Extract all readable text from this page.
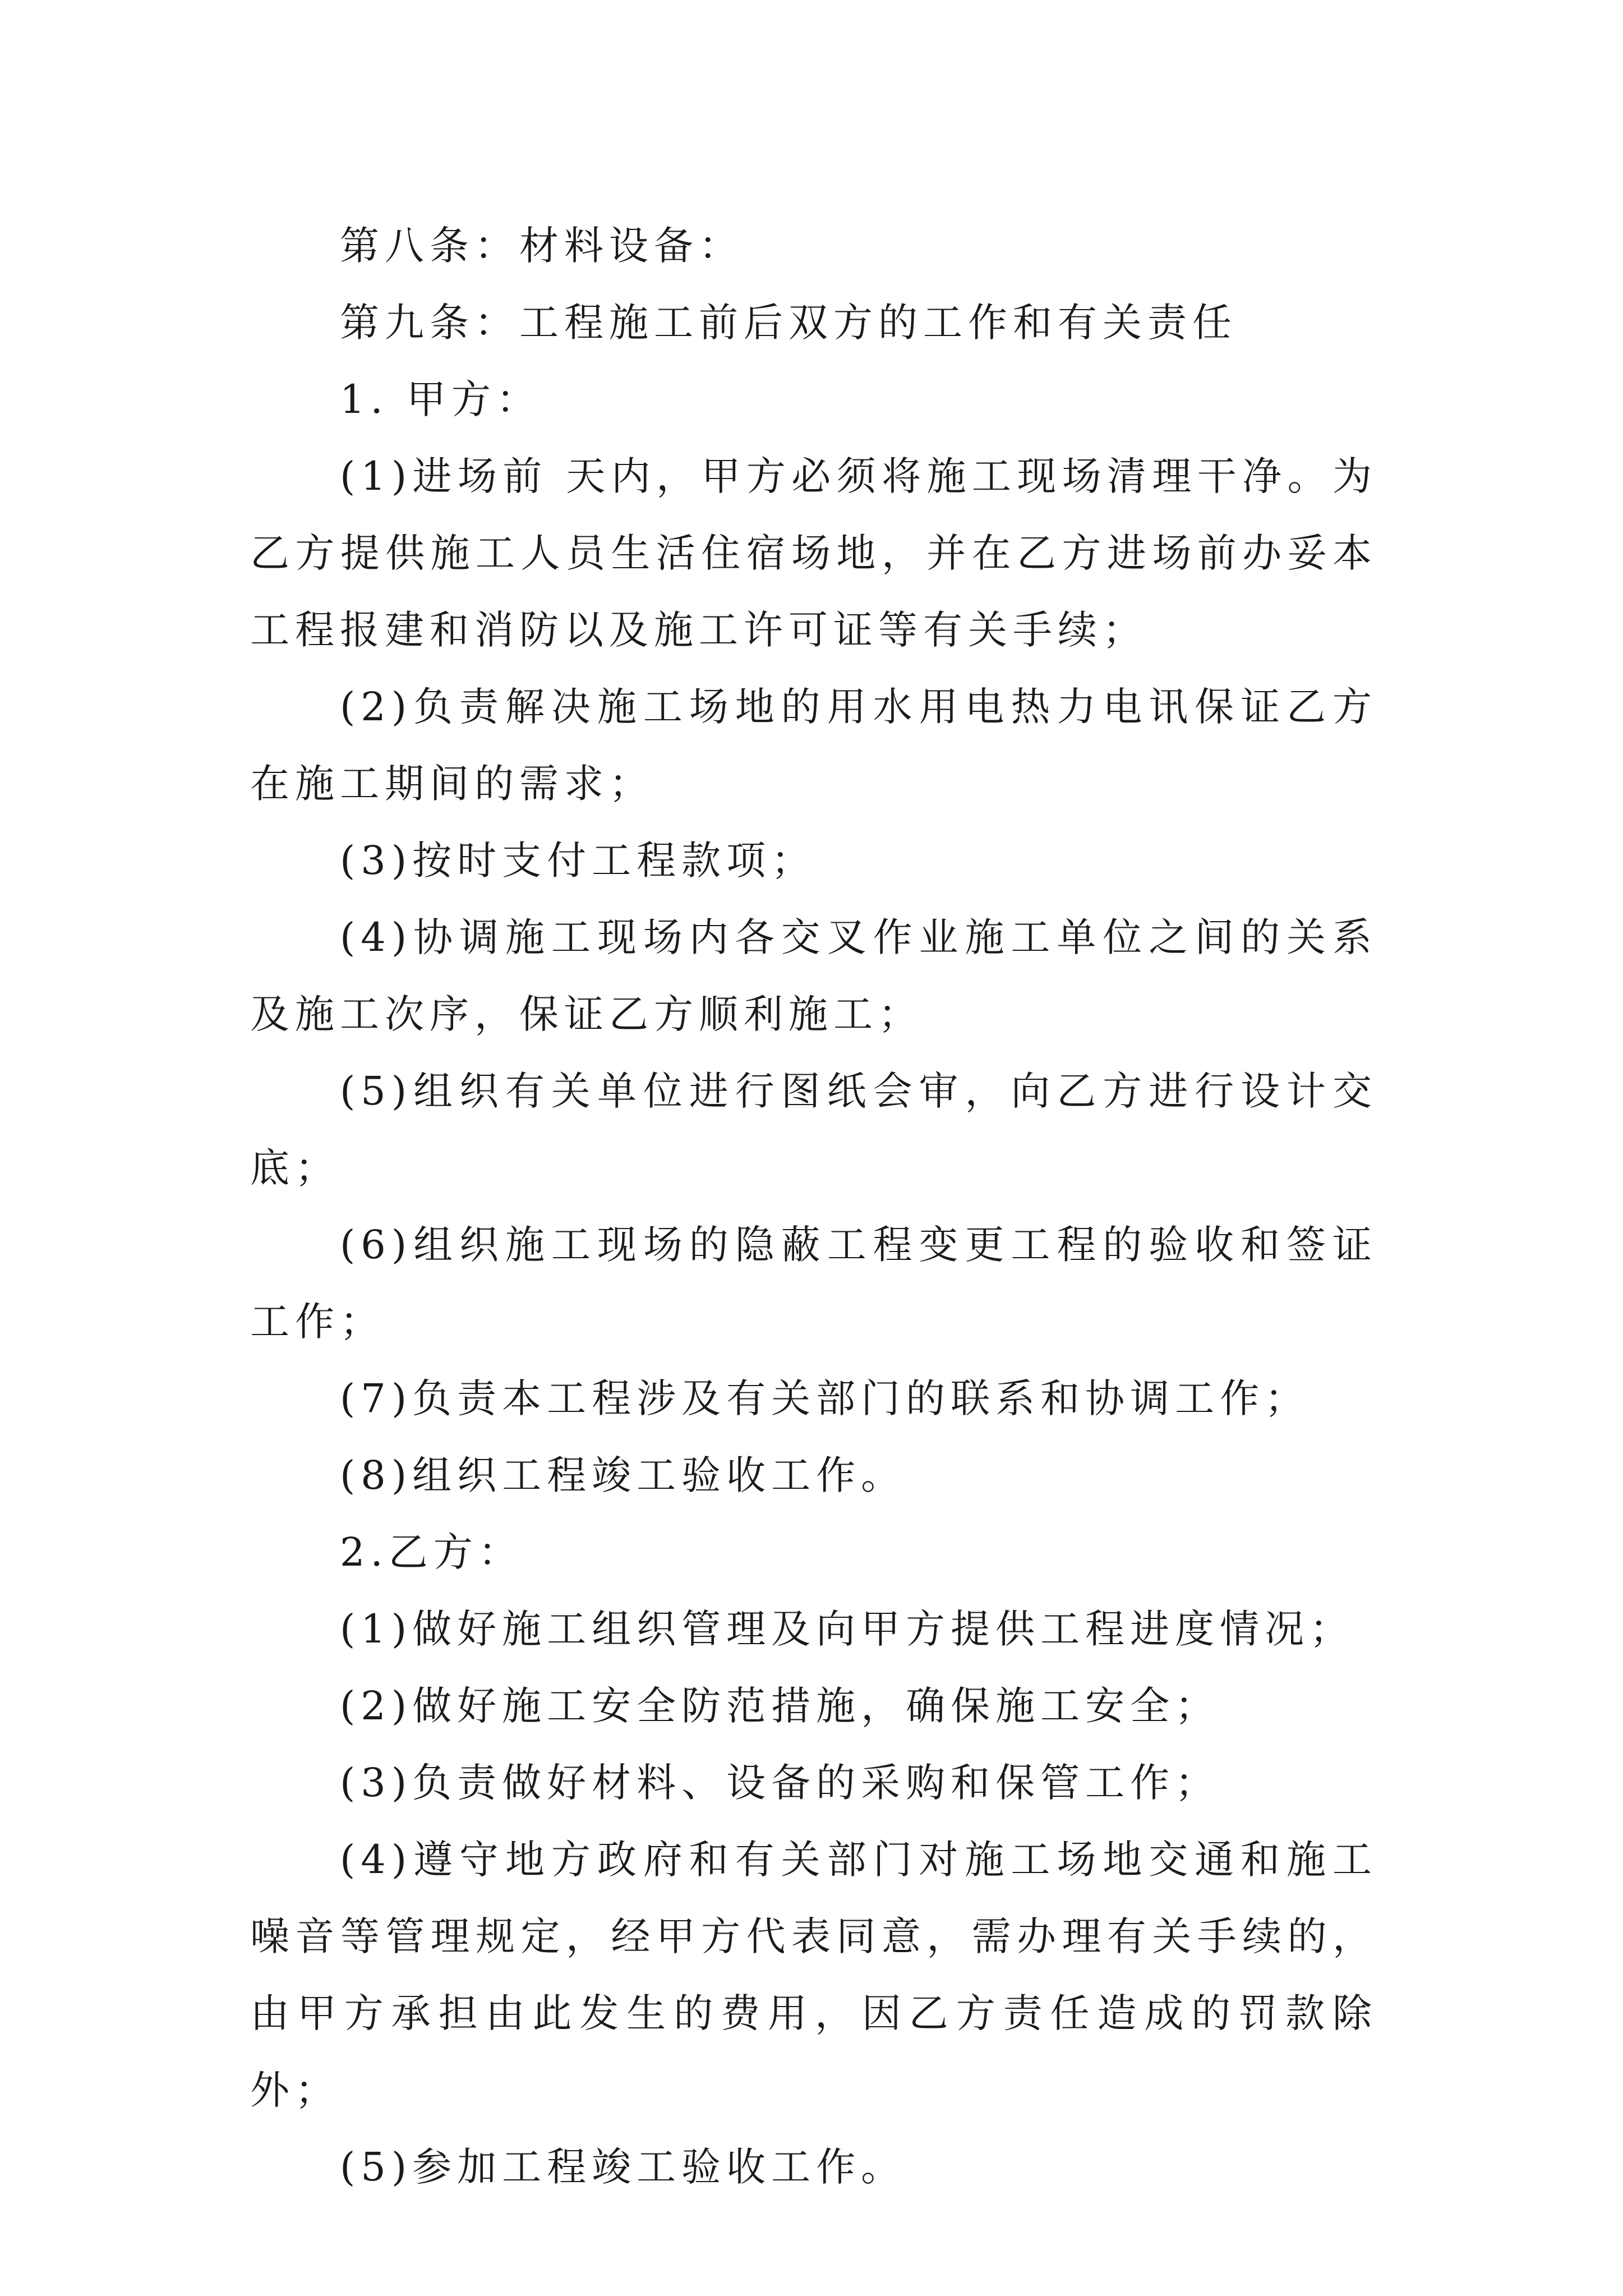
第八条：材料设备：

第九条：工程施工前后双方的工作和有关责任

1. 甲方：

(1)进场前 天内，甲方必须将施工现场清理干净。为乙方提供施工人员生活住宿场地，并在乙方进场前办妥本工程报建和消防以及施工许可证等有关手续；

(2)负责解决施工场地的用水用电热力电讯保证乙方在施工期间的需求；

(3)按时支付工程款项；

(4)协调施工现场内各交叉作业施工单位之间的关系及施工次序，保证乙方顺利施工；

(5)组织有关单位进行图纸会审，向乙方进行设计交底；

(6)组织施工现场的隐蔽工程变更工程的验收和签证工作；

(7)负责本工程涉及有关部门的联系和协调工作；

(8)组织工程竣工验收工作。

2.乙方：

(1)做好施工组织管理及向甲方提供工程进度情况；

(2)做好施工安全防范措施，确保施工安全；

(3)负责做好材料、设备的采购和保管工作；

(4)遵守地方政府和有关部门对施工场地交通和施工噪音等管理规定，经甲方代表同意，需办理有关手续的，由甲方承担由此发生的费用，因乙方责任造成的罚款除外；

(5)参加工程竣工验收工作。
